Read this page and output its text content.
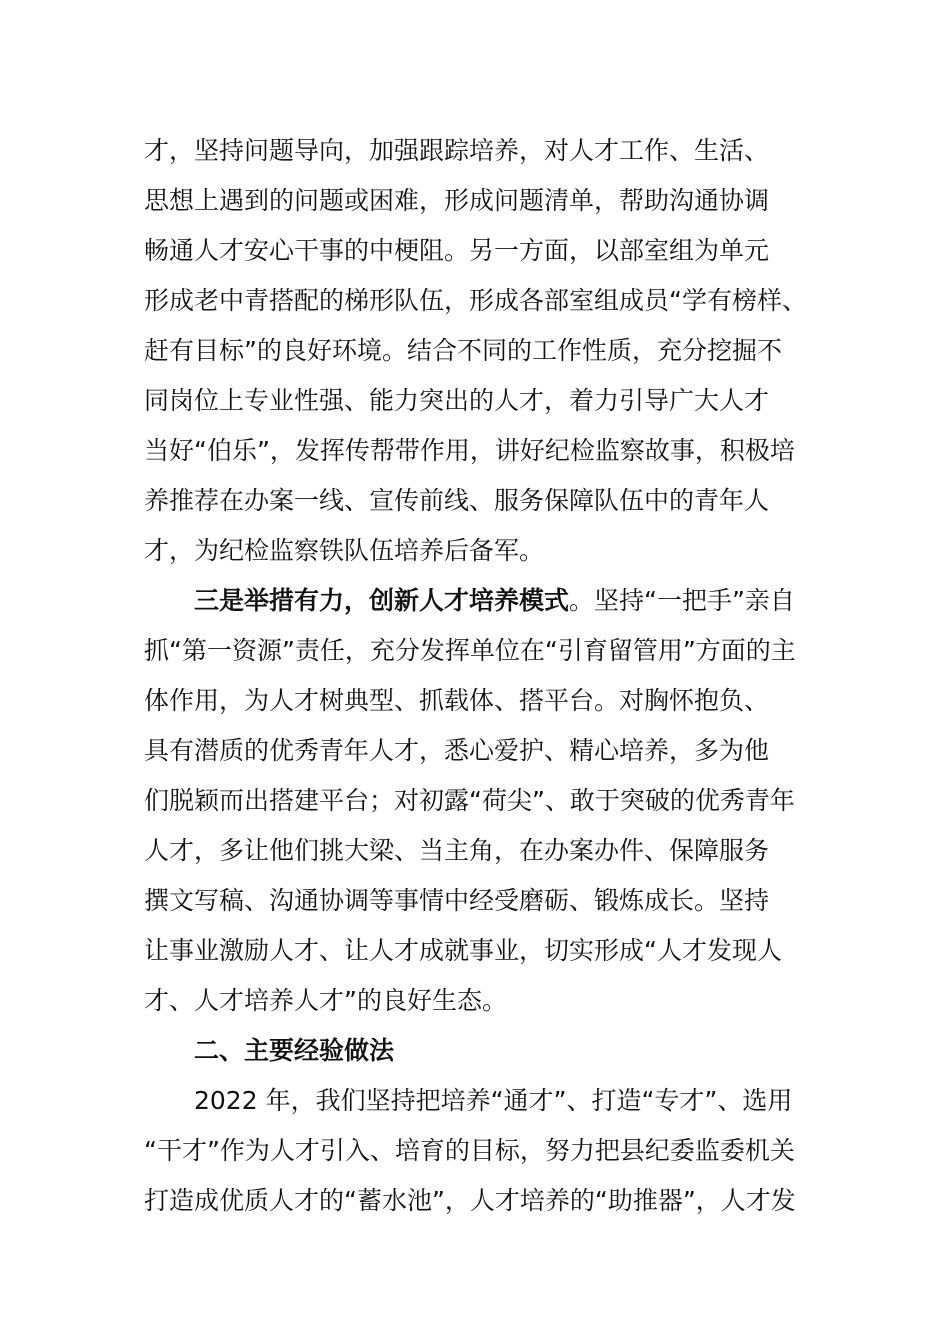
才，坚持问题导向，加强跟踪培养，对人才工作、生活、
思想上遇到的问题或困难，形成问题清单，帮助沟通协调
畅通人才安心干事的中梗阻。另一方面，以部室组为单元
形成老中青搭配的梯形队伍，形成各部室组成员“学有榜样、
赶有目标”的良好环境。结合不同的工作性质，充分挖掘不
同岗位上专业性强、能力突出的人才，着力引导广大人才
当好“伯乐”，发挥传帮带作用，讲好纪检监察故事，积极培
养推荐在办案一线、宣传前线、服务保障队伍中的青年人
才，为纪检监察铁队伍培养后备军。
三是举措有力，创新人才培养模式。坚持“一把手”亲自
抓“第一资源”责任，充分发挥单位在“引育留管用”方面的主
体作用，为人才树典型、抓载体、搭平台。对胸怀抱负、
具有潜质的优秀青年人才，悉心爱护、精心培养，多为他
们脱颖而出搭建平台；对初露“荷尖”、敢于突破的优秀青年
人才，多让他们挑大梁、当主角，在办案办件、保障服务
撰文写稿、沟通协调等事情中经受磨砺、锻炼成长。坚持
让事业激励人才、让人才成就事业，切实形成“人才发现人
才、人才培养人才”的良好生态。
二、主要经验做法
2022 年，我们坚持把培养“通才”、打造“专才”、选用
“干才”作为人才引入、培育的目标，努力把县纪委监委机关
打造成优质人才的“蓄水池”，人才培养的“助推器”，人才发
